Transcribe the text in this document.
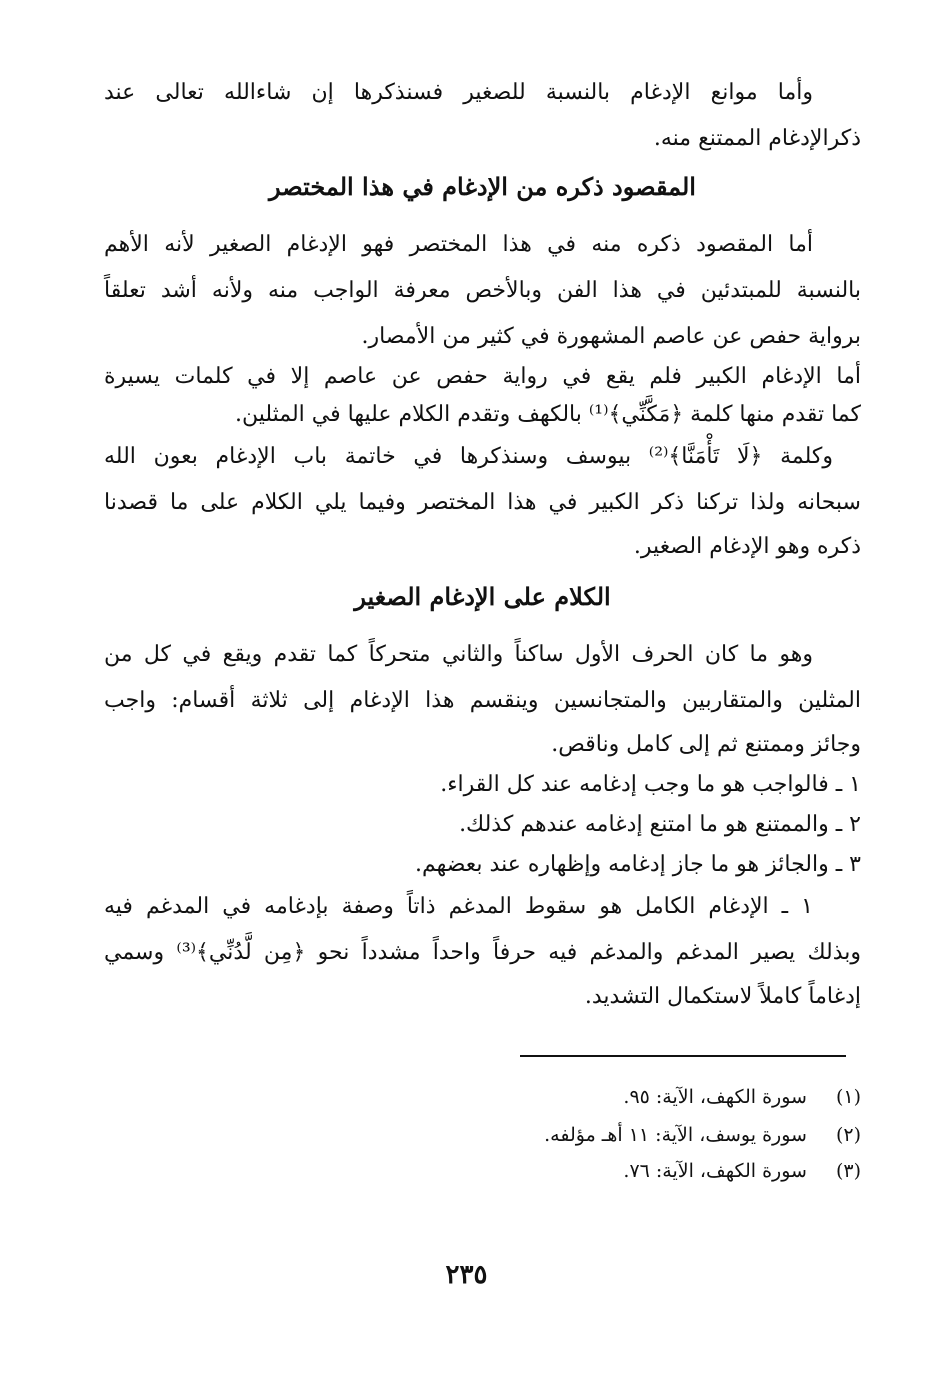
وأما موانع الإدغام بالنسبة للصغير فسنذكرها إن شاءالله تعالى عند
ذكرالإدغام الممتنع منه.
المقصود ذكره من الإدغام في هذا المختصر
أما المقصود ذكره منه في هذا المختصر فهو الإدغام الصغير لأنه الأهم
بالنسبة للمبتدئين في هذا الفن وبالأخص معرفة الواجب منه ولأنه أشد تعلقاً
برواية حفص عن عاصم المشهورة في كثير من الأمصار.
أما الإدغام الكبير فلم يقع في رواية حفص عن عاصم إلا في كلمات يسيرة
كما تقدم منها كلمة ﴿مَكَّنِّي﴾⁽¹⁾ بالكهف وتقدم الكلام عليها في المثلين.
وكلمة ﴿لَا تَأْمَنَّا﴾⁽²⁾ بيوسف وسنذكرها في خاتمة باب الإدغام بعون الله
سبحانه ولذا تركنا ذكر الكبير في هذا المختصر وفيما يلي الكلام على ما قصدنا
ذكره وهو الإدغام الصغير.
الكلام على الإدغام الصغير
وهو ما كان الحرف الأول ساكناً والثاني متحركاً كما تقدم ويقع في كل من
المثلين والمتقاربين والمتجانسين وينقسم هذا الإدغام إلى ثلاثة أقسام: واجب
وجائز وممتنع ثم إلى كامل وناقص.
١ ـ فالواجب هو ما وجب إدغامه عند كل القراء.
٢ ـ والممتنع هو ما امتنع إدغامه عندهم كذلك.
٣ ـ والجائز هو ما جاز إدغامه وإظهاره عند بعضهم.
١ ـ الإدغام الكامل هو سقوط المدغم ذاتاً وصفة بإدغامه في المدغم فيه
وبذلك يصير المدغم والمدغم فيه حرفاً واحداً مشدداً نحو ﴿مِن لَّدُنِّي﴾⁽³⁾ وسمي
إدغاماً كاملاً لاستكمال التشديد.
(١) سورة الكهف، الآية: ٩٥.
(٢) سورة يوسف، الآية: ١١ أهـ مؤلفه.
(٣) سورة الكهف، الآية: ٧٦.
٢٣٥
